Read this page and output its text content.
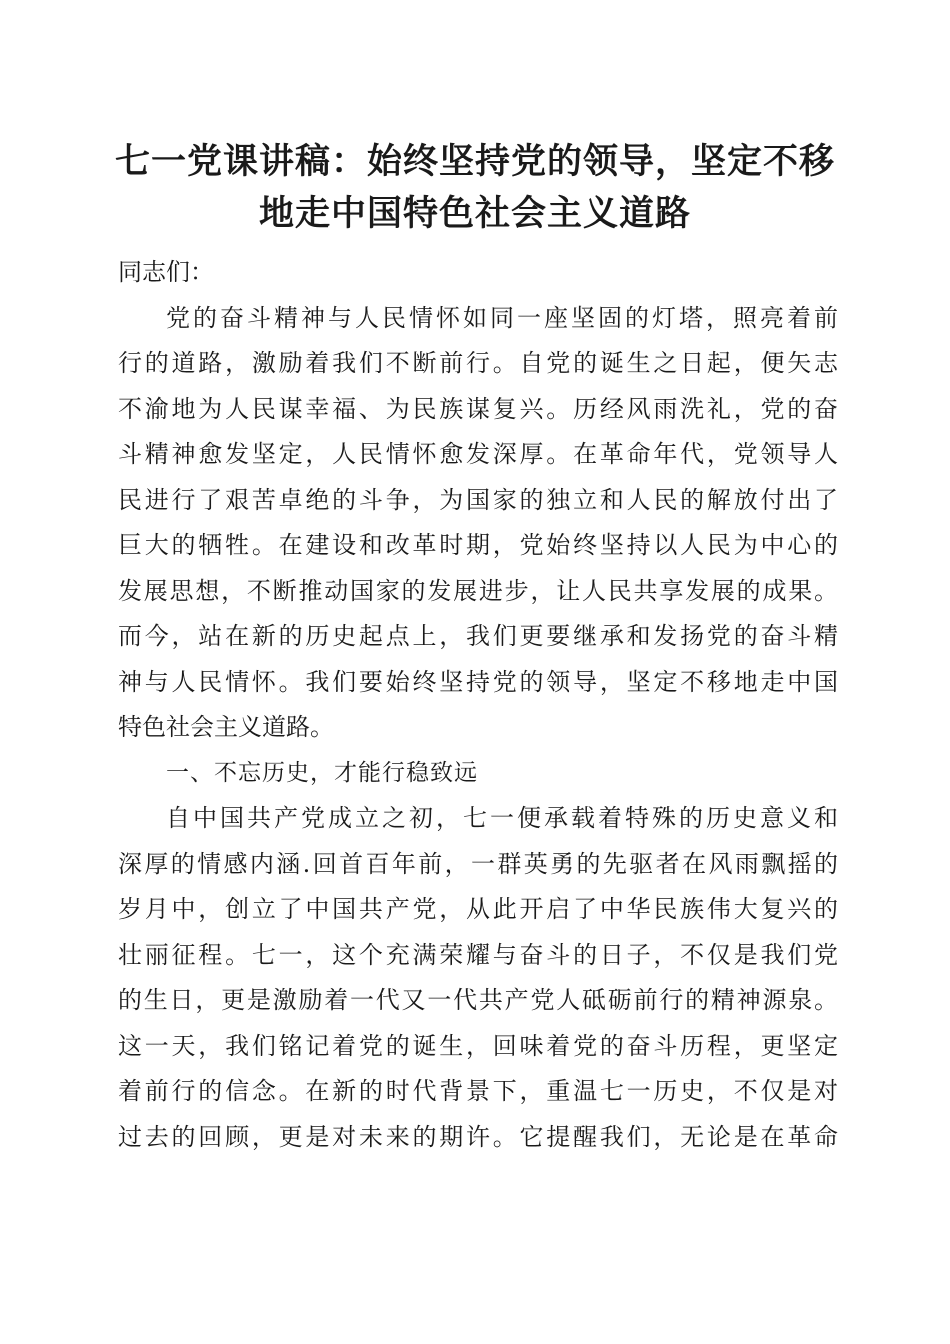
七一党课讲稿：始终坚持党的领导，坚定不移
地走中国特色社会主义道路
同志们：
党的奋斗精神与人民情怀如同一座坚固的灯塔，照亮着前
行的道路，激励着我们不断前行。自党的诞生之日起，便矢志
不渝地为人民谋幸福、为民族谋复兴。历经风雨洗礼，党的奋
斗精神愈发坚定，人民情怀愈发深厚。在革命年代，党领导人
民进行了艰苦卓绝的斗争，为国家的独立和人民的解放付出了
巨大的牺牲。在建设和改革时期，党始终坚持以人民为中心的
发展思想，不断推动国家的发展进步，让人民共享发展的成果。
而今，站在新的历史起点上，我们更要继承和发扬党的奋斗精
神与人民情怀。我们要始终坚持党的领导，坚定不移地走中国
特色社会主义道路。
一、不忘历史，才能行稳致远
自中国共产党成立之初，七一便承载着特殊的历史意义和
深厚的情感内涵.回首百年前，一群英勇的先驱者在风雨飘摇的
岁月中，创立了中国共产党，从此开启了中华民族伟大复兴的
壮丽征程。七一，这个充满荣耀与奋斗的日子，不仅是我们党
的生日，更是激励着一代又一代共产党人砥砺前行的精神源泉。
这一天，我们铭记着党的诞生，回味着党的奋斗历程，更坚定
着前行的信念。在新的时代背景下，重温七一历史，不仅是对
过去的回顾，更是对未来的期许。它提醒我们，无论是在革命
